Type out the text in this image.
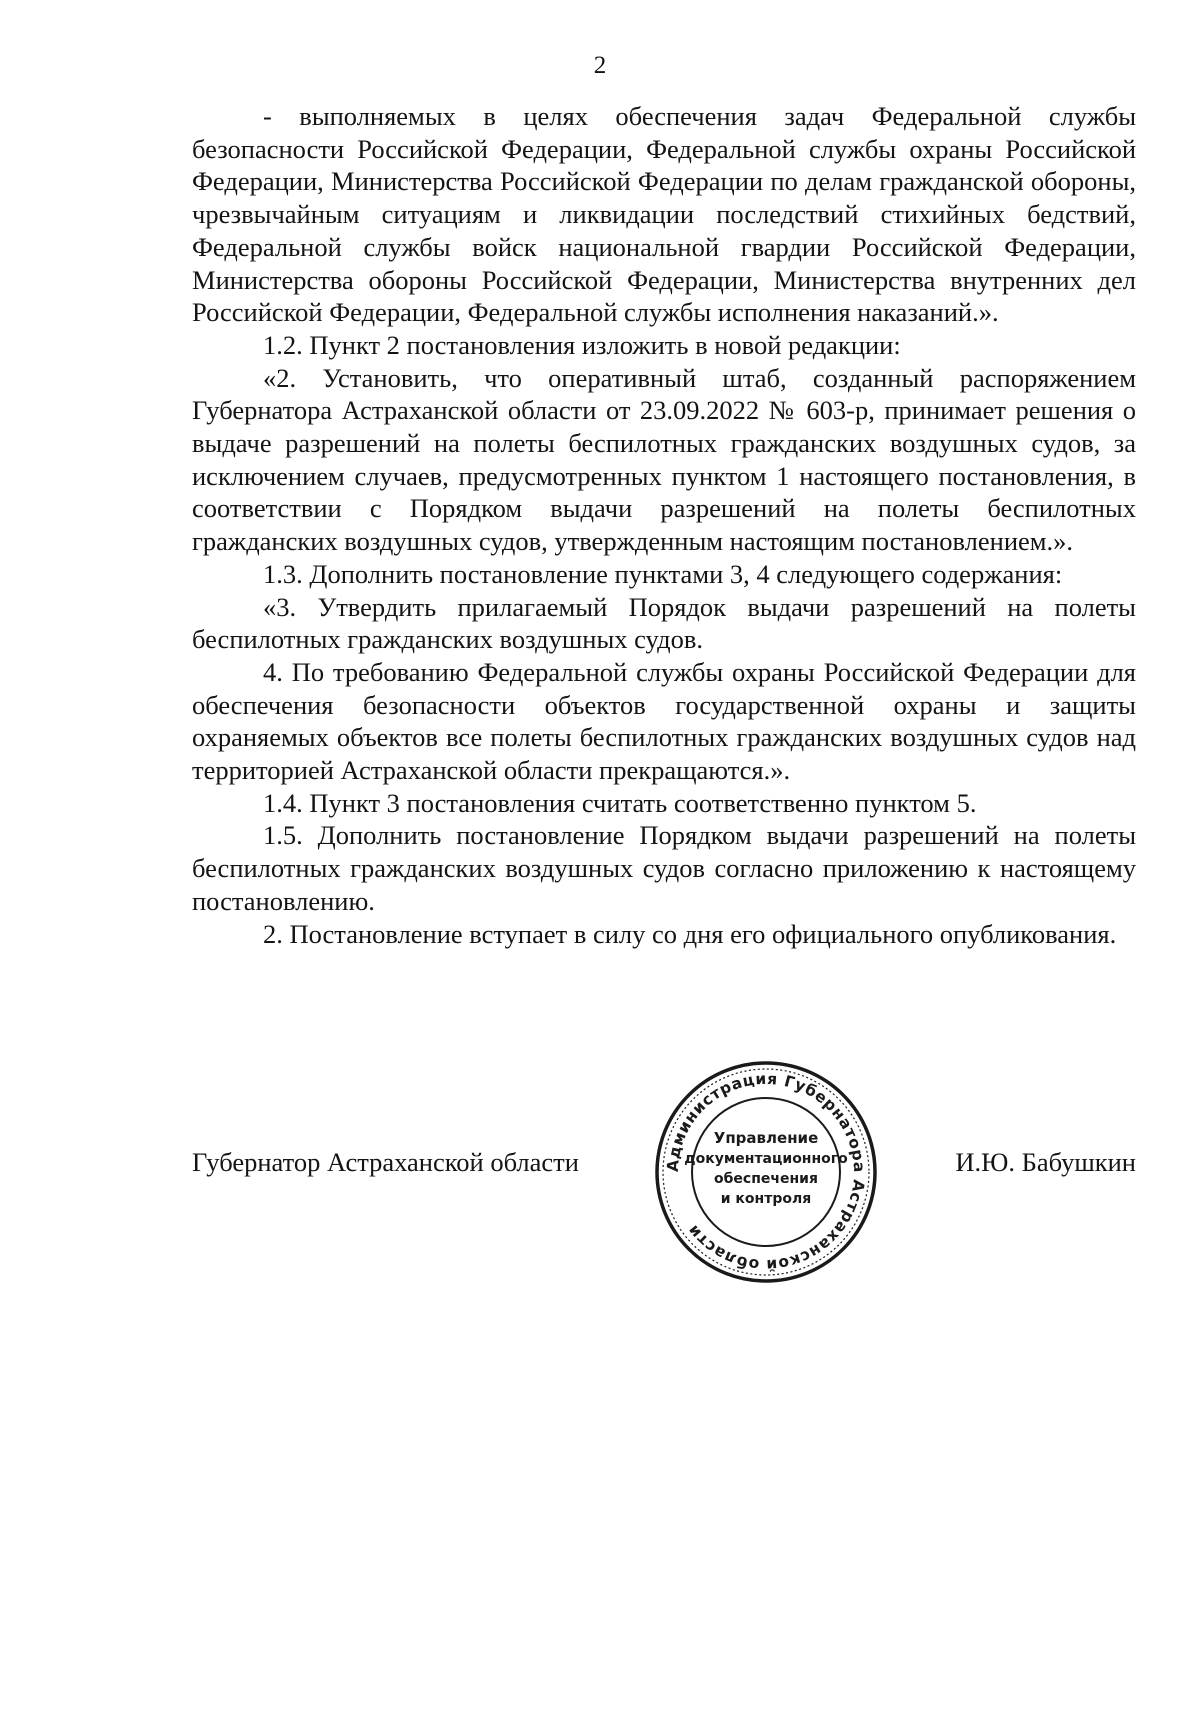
2

- выполняемых в целях обеспечения задач Федеральной службы безопасности Российской Федерации, Федеральной службы охраны Российской Федерации, Министерства Российской Федерации по делам гражданской обороны, чрезвычайным ситуациям и ликвидации последствий стихийных бедствий, Федеральной службы войск национальной гвардии Российской Федерации, Министерства обороны Российской Федерации, Министерства внутренних дел Российской Федерации, Федеральной службы исполнения наказаний.».

1.2. Пункт 2 постановления изложить в новой редакции:

«2. Установить, что оперативный штаб, созданный распоряжением Губернатора Астраханской области от 23.09.2022 № 603-р, принимает решения о выдаче разрешений на полеты беспилотных гражданских воздушных судов, за исключением случаев, предусмотренных пунктом 1 настоящего постановления, в соответствии с Порядком выдачи разрешений на полеты беспилотных гражданских воздушных судов, утвержденным настоящим постановлением.».

1.3. Дополнить постановление пунктами 3, 4 следующего содержания:

«3. Утвердить прилагаемый Порядок выдачи разрешений на полеты беспилотных гражданских воздушных судов.

4. По требованию Федеральной службы охраны Российской Федерации для обеспечения безопасности объектов государственной охраны и защиты охраняемых объектов все полеты беспилотных гражданских воздушных судов над территорией Астраханской области прекращаются.».

1.4. Пункт 3 постановления считать соответственно пунктом 5.

1.5. Дополнить постановление Порядком выдачи разрешений на полеты беспилотных гражданских воздушных судов согласно приложению к настоящему постановлению.

2. Постановление вступает в силу со дня его официального опубликования.

Губернатор Астраханской области	И.Ю. Бабушкин
Администрация Губернатора Астраханской области
Управление
документационного
обеспечения
и контроля
